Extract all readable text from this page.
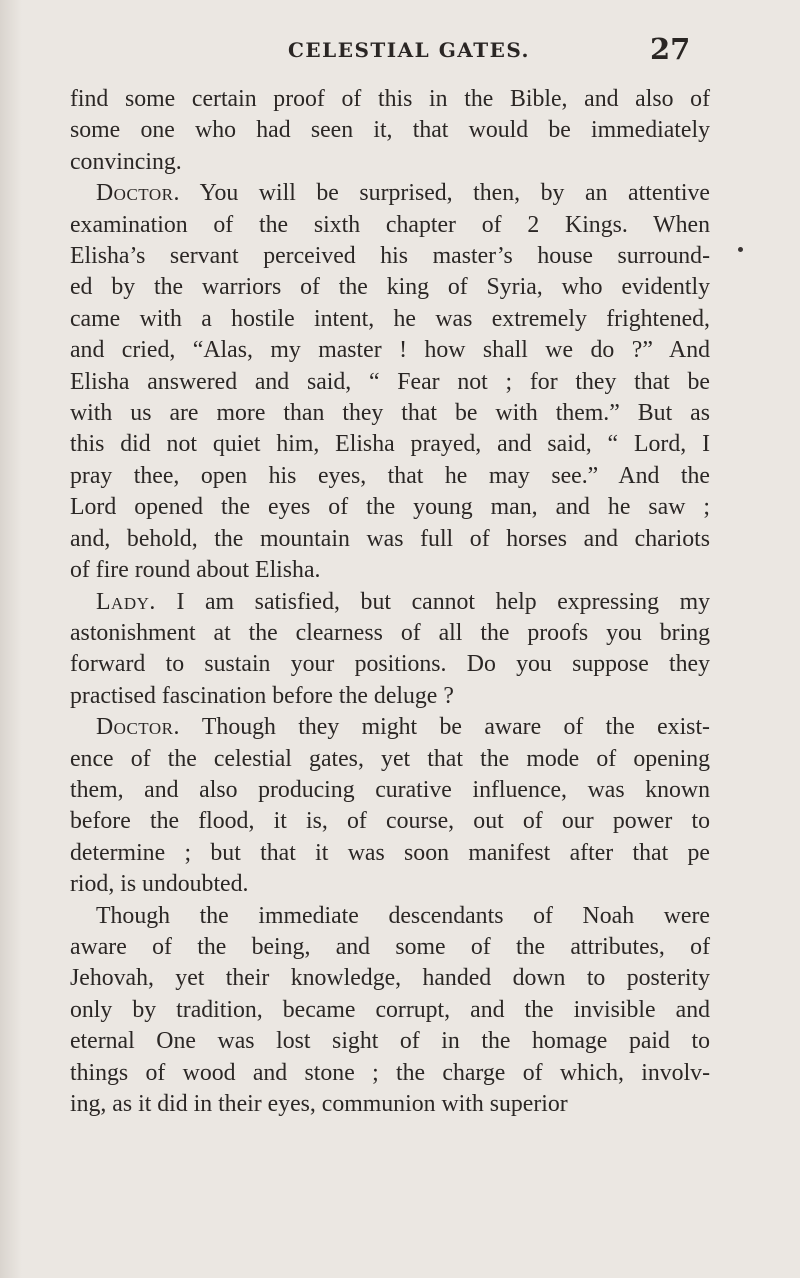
CELESTIAL GATES.	27
find some certain proof of this in the Bible, and also of
some one who had seen it, that would be immediately
convincing.
Doctor. You will be surprised, then, by an attentive
examination of the sixth chapter of 2 Kings. When
Elisha’s servant perceived his master’s house surround-
ed by the warriors of the king of Syria, who evidently
came with a hostile intent, he was extremely frightened,
and cried, “Alas, my master ! how shall we do ?” And
Elisha answered and said, “ Fear not ; for they that be
with us are more than they that be with them.” But as
this did not quiet him, Elisha prayed, and said, “ Lord, I
pray thee, open his eyes, that he may see.” And the
Lord opened the eyes of the young man, and he saw ;
and, behold, the mountain was full of horses and chariots
of fire round about Elisha.
Lady. I am satisfied, but cannot help expressing my
astonishment at the clearness of all the proofs you bring
forward to sustain your positions. Do you suppose they
practised fascination before the deluge ?
Doctor. Though they might be aware of the exist-
ence of the celestial gates, yet that the mode of opening
them, and also producing curative influence, was known
before the flood, it is, of course, out of our power to
determine ; but that it was soon manifest after that pe
riod, is undoubted.
Though the immediate descendants of Noah were
aware of the being, and some of the attributes, of
Jehovah, yet their knowledge, handed down to posterity
only by tradition, became corrupt, and the invisible and
eternal One was lost sight of in the homage paid to
things of wood and stone ; the charge of which, involv-
ing, as it did in their eyes, communion with superior
